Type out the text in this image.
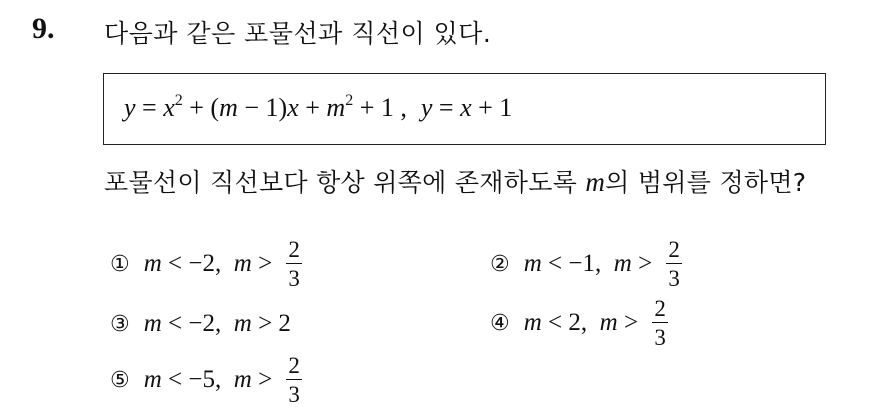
9. 다음과 같은 포물선과 직선이 있다.
$y = x^2 + (m - 1)x + m^2 + 1$ , y = x + 1
포물선이 직선보다 항상 위쪽에 존재하도록 m의 범위를 정하면?
① m < −2, $m > \frac{2}{3}$	② m < −1, $m > \frac{2}{3}$
③ m < −2, m > 2	④ m < 2, $m > \frac{2}{3}$
⑤ m < −5, $m > \frac{2}{3}$
